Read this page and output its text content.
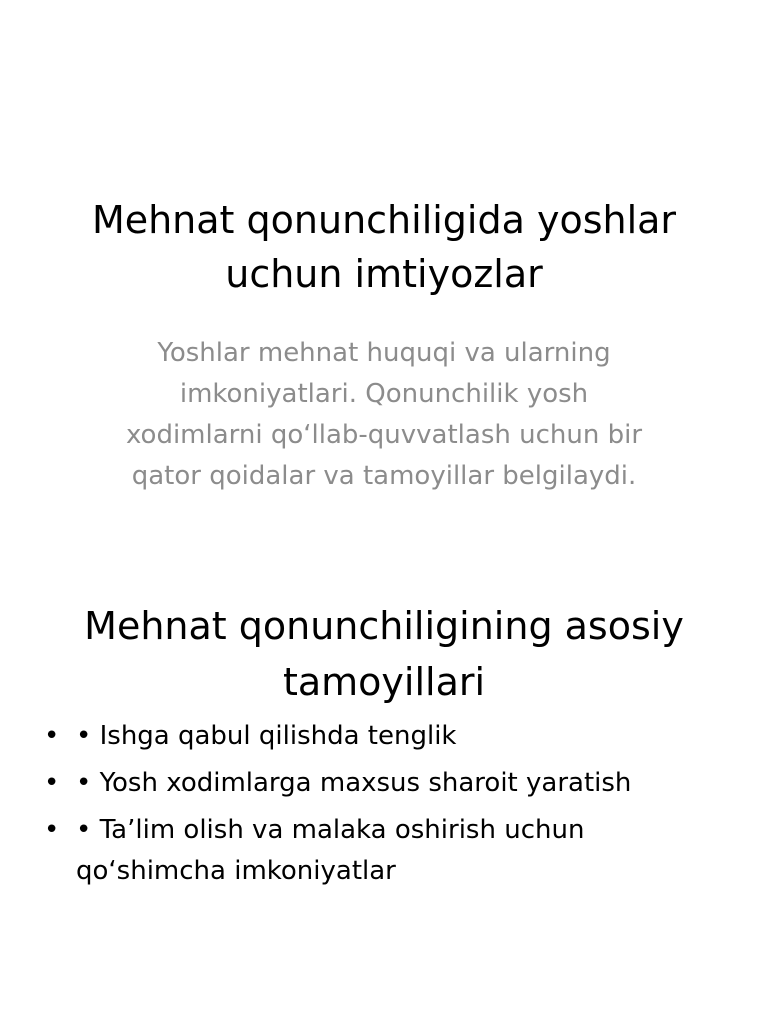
Mehnat qonunchiligida yoshlar uchun imtiyozlar

Yoshlar mehnat huquqi va ularning imkoniyatlari. Qonunchilik yosh xodimlarni qo‘llab-quvvatlash uchun bir qator qoidalar va tamoyillar belgilaydi.

Mehnat qonunchiligining asosiy tamoyillari
• • Ishga qabul qilishda tenglik
• • Yosh xodimlarga maxsus sharoit yaratish
• • Ta’lim olish va malaka oshirish uchun qo‘shimcha imkoniyatlar
